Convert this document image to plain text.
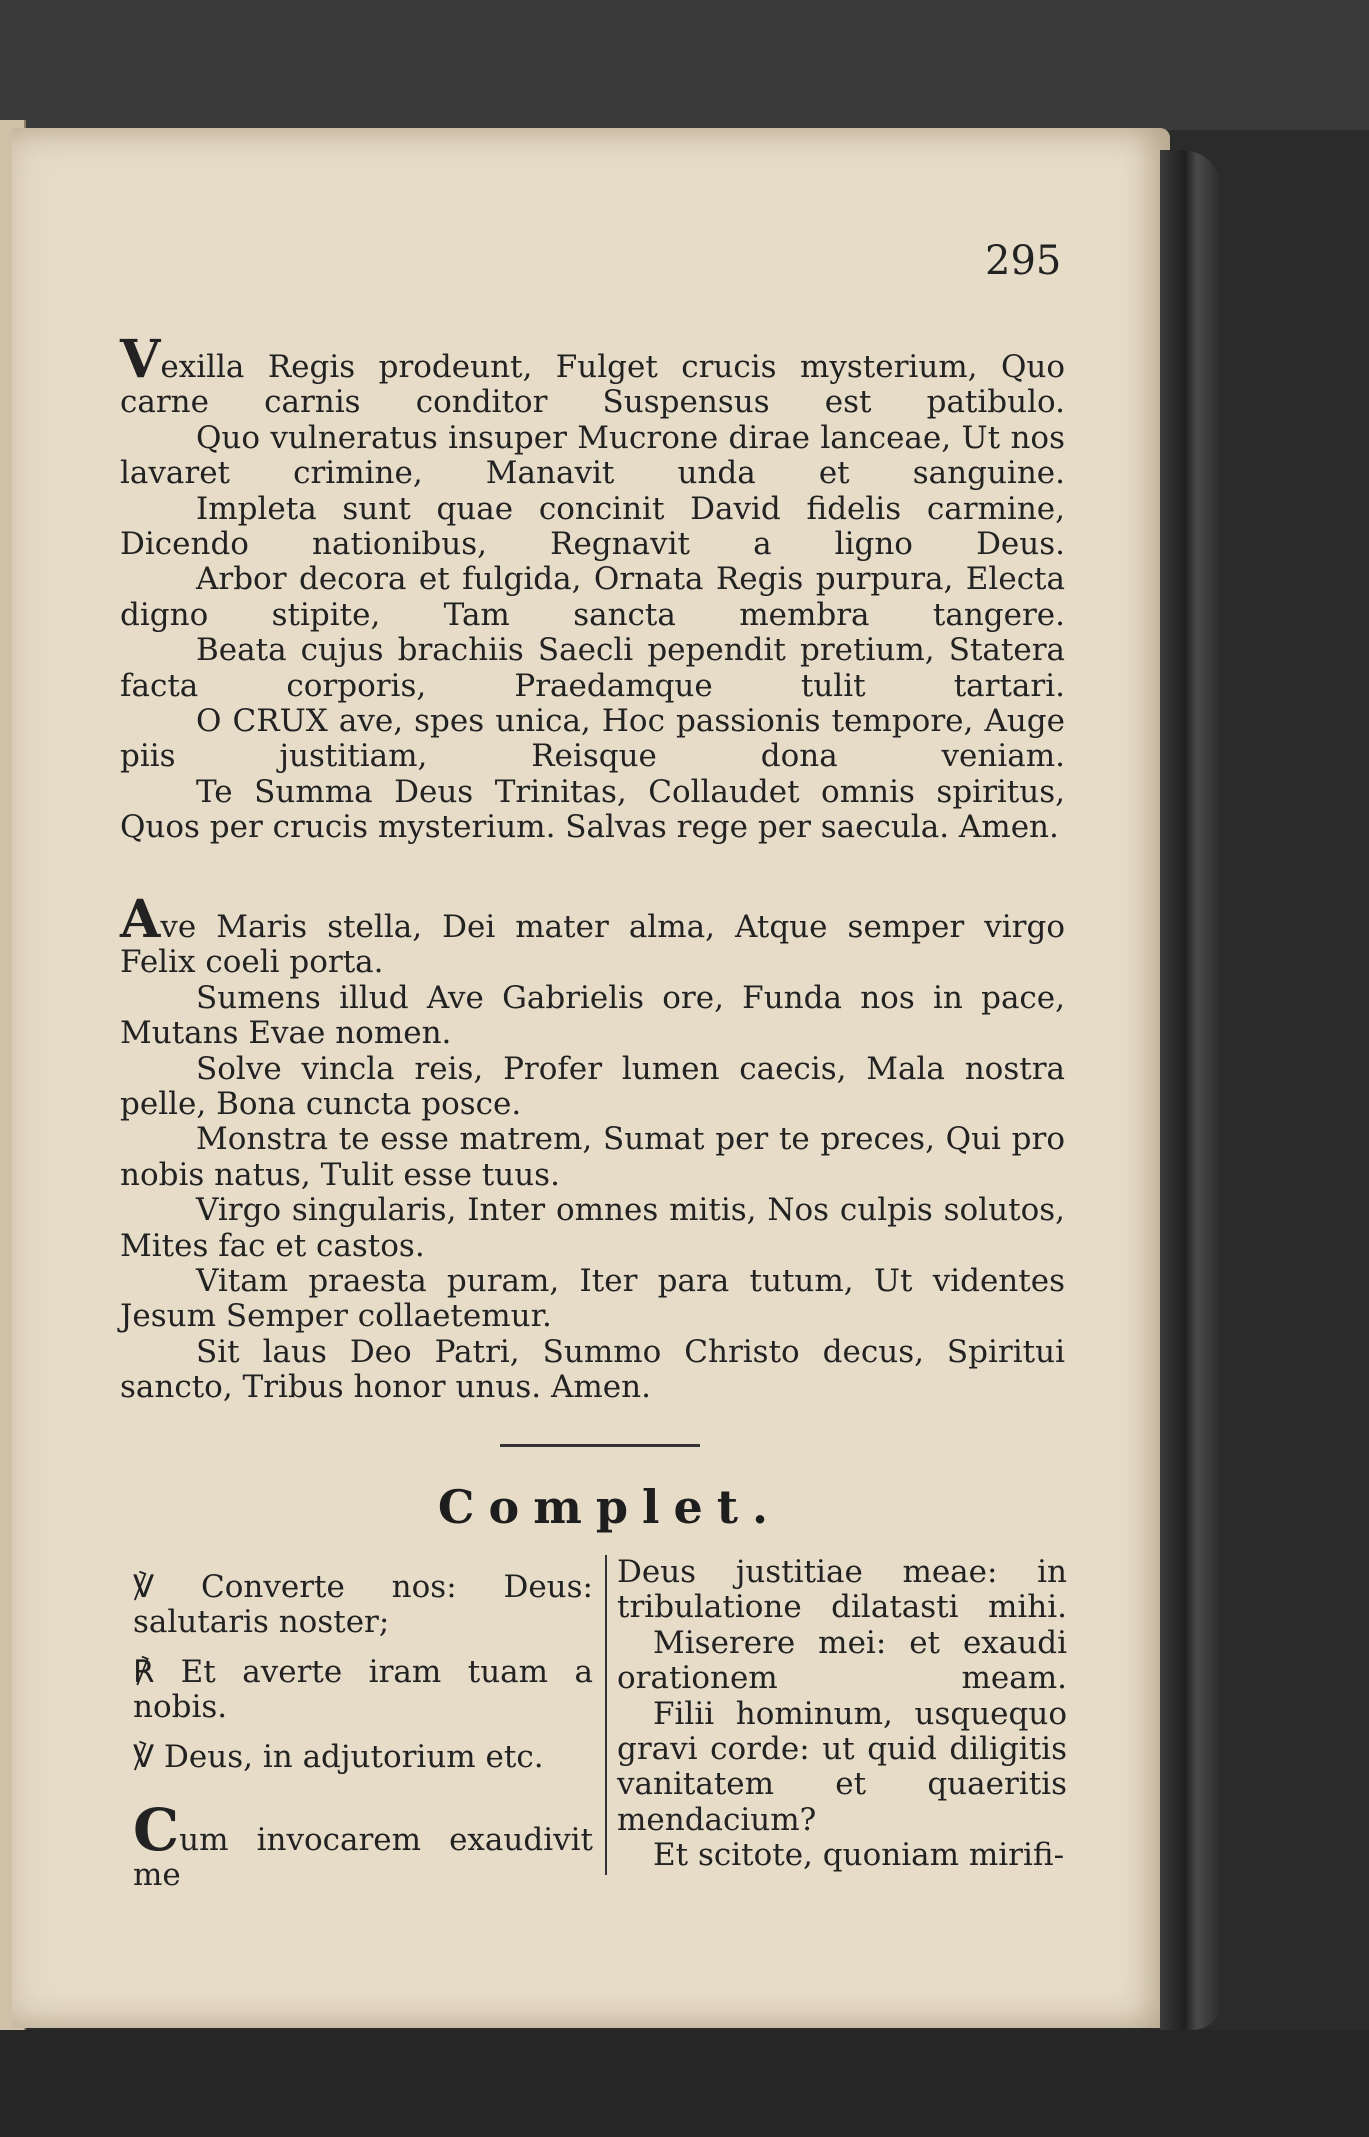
295
Vexilla Regis prodeunt, Fulget crucis mysterium, Quo carne carnis conditor Suspensus est patibulo.
Quo vulneratus insuper Mucrone dirae lanceae, Ut nos lavaret crimine, Manavit unda et sanguine.
Impleta sunt quae concinit David fidelis carmine, Dicendo nationibus, Regnavit a ligno Deus.
Arbor decora et fulgida, Ornata Regis purpura, Electa digno stipite, Tam sancta membra tangere.
Beata cujus brachiis Saecli pependit pretium, Statera facta corporis, Praedamque tulit tartari.
O CRUX ave, spes unica, Hoc passionis tempore, Auge piis justitiam, Reisque dona veniam.
Te Summa Deus Trinitas, Collaudet omnis spiritus, Quos per crucis mysterium. Salvas rege per saecula. Amen.
Ave Maris stella, Dei mater alma, Atque semper virgo Felix coeli porta.
Sumens illud Ave Gabrielis ore, Funda nos in pace, Mutans Evae nomen.
Solve vincla reis, Profer lumen caecis, Mala nostra pelle, Bona cuncta posce.
Monstra te esse matrem, Sumat per te preces, Qui pro nobis natus, Tulit esse tuus.
Virgo singularis, Inter omnes mitis, Nos culpis solutos, Mites fac et castos.
Vitam praesta puram, Iter para tutum, Ut videntes Jesum Semper collaetemur.
Sit laus Deo Patri, Summo Christo decus, Spiritui sancto, Tribus honor unus. Amen.
Complet.

℣ Converte nos: Deus: salutaris noster;

℟ Et averte iram tuam a nobis.

℣ Deus, in adjutorium etc.

Cum invocarem exaudivit me

Deus justitiae meae: in tribulatione dilatasti mihi.
Miserere mei: et exaudi orationem meam.
Filii hominum, usquequo gravi corde: ut quid diligitis vanitatem et quaeritis mendacium?
Et scitote, quoniam mirifi-
